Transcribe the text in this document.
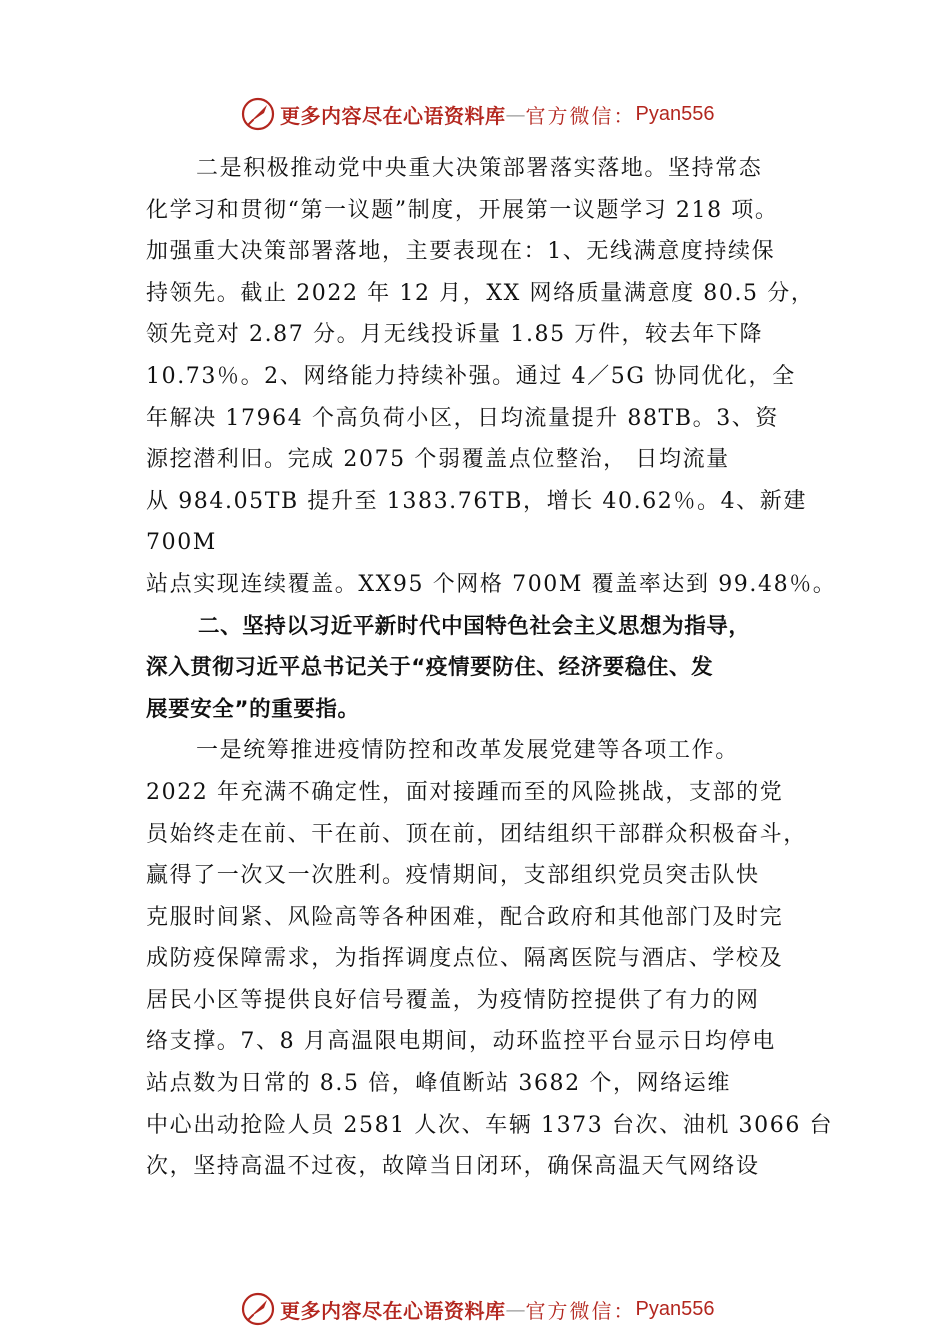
更多内容尽在心语资料库 — 官方微信： Pyan556
二是积极推动党中央重大决策部署落实落地。坚持常态
化学习和贯彻“第一议题”制度，开展第一议题学习 218 项。
加强重大决策部署落地，主要表现在：1、无线满意度持续保
持领先。截止 2022 年 12 月，XX 网络质量满意度 80.5 分，
领先竞对 2.87 分。月无线投诉量 1.85 万件，较去年下降
10.73％。2、网络能力持续补强。通过 4／5G 协同优化，全
年解决 17964 个高负荷小区，日均流量提升 88TB。3、资
源挖潜利旧。完成 2075 个弱覆盖点位整治， 日均流量
从 984.05TB 提升至 1383.76TB，增长 40.62％。4、新建
700M
站点实现连续覆盖。XX95 个网格 700M 覆盖率达到 99.48％。
二、坚持以习近平新时代中国特色社会主义思想为指导，
深入贯彻习近平总书记关于“疫情要防住、经济要稳住、发
展要安全”的重要指。
一是统筹推进疫情防控和改革发展党建等各项工作。
2022 年充满不确定性，面对接踵而至的风险挑战，支部的党
员始终走在前、干在前、顶在前，团结组织干部群众积极奋斗，
赢得了一次又一次胜利。疫情期间，支部组织党员突击队快
克服时间紧、风险高等各种困难，配合政府和其他部门及时完
成防疫保障需求，为指挥调度点位、隔离医院与酒店、学校及
居民小区等提供良好信号覆盖，为疫情防控提供了有力的网
络支撑。7、8 月高温限电期间，动环监控平台显示日均停电
站点数为日常的 8.5 倍，峰值断站 3682 个，网络运维
中心出动抢险人员 2581 人次、车辆 1373 台次、油机 3066 台
次，坚持高温不过夜，故障当日闭环，确保高温天气网络设
更多内容尽在心语资料库 — 官方微信： Pyan556
